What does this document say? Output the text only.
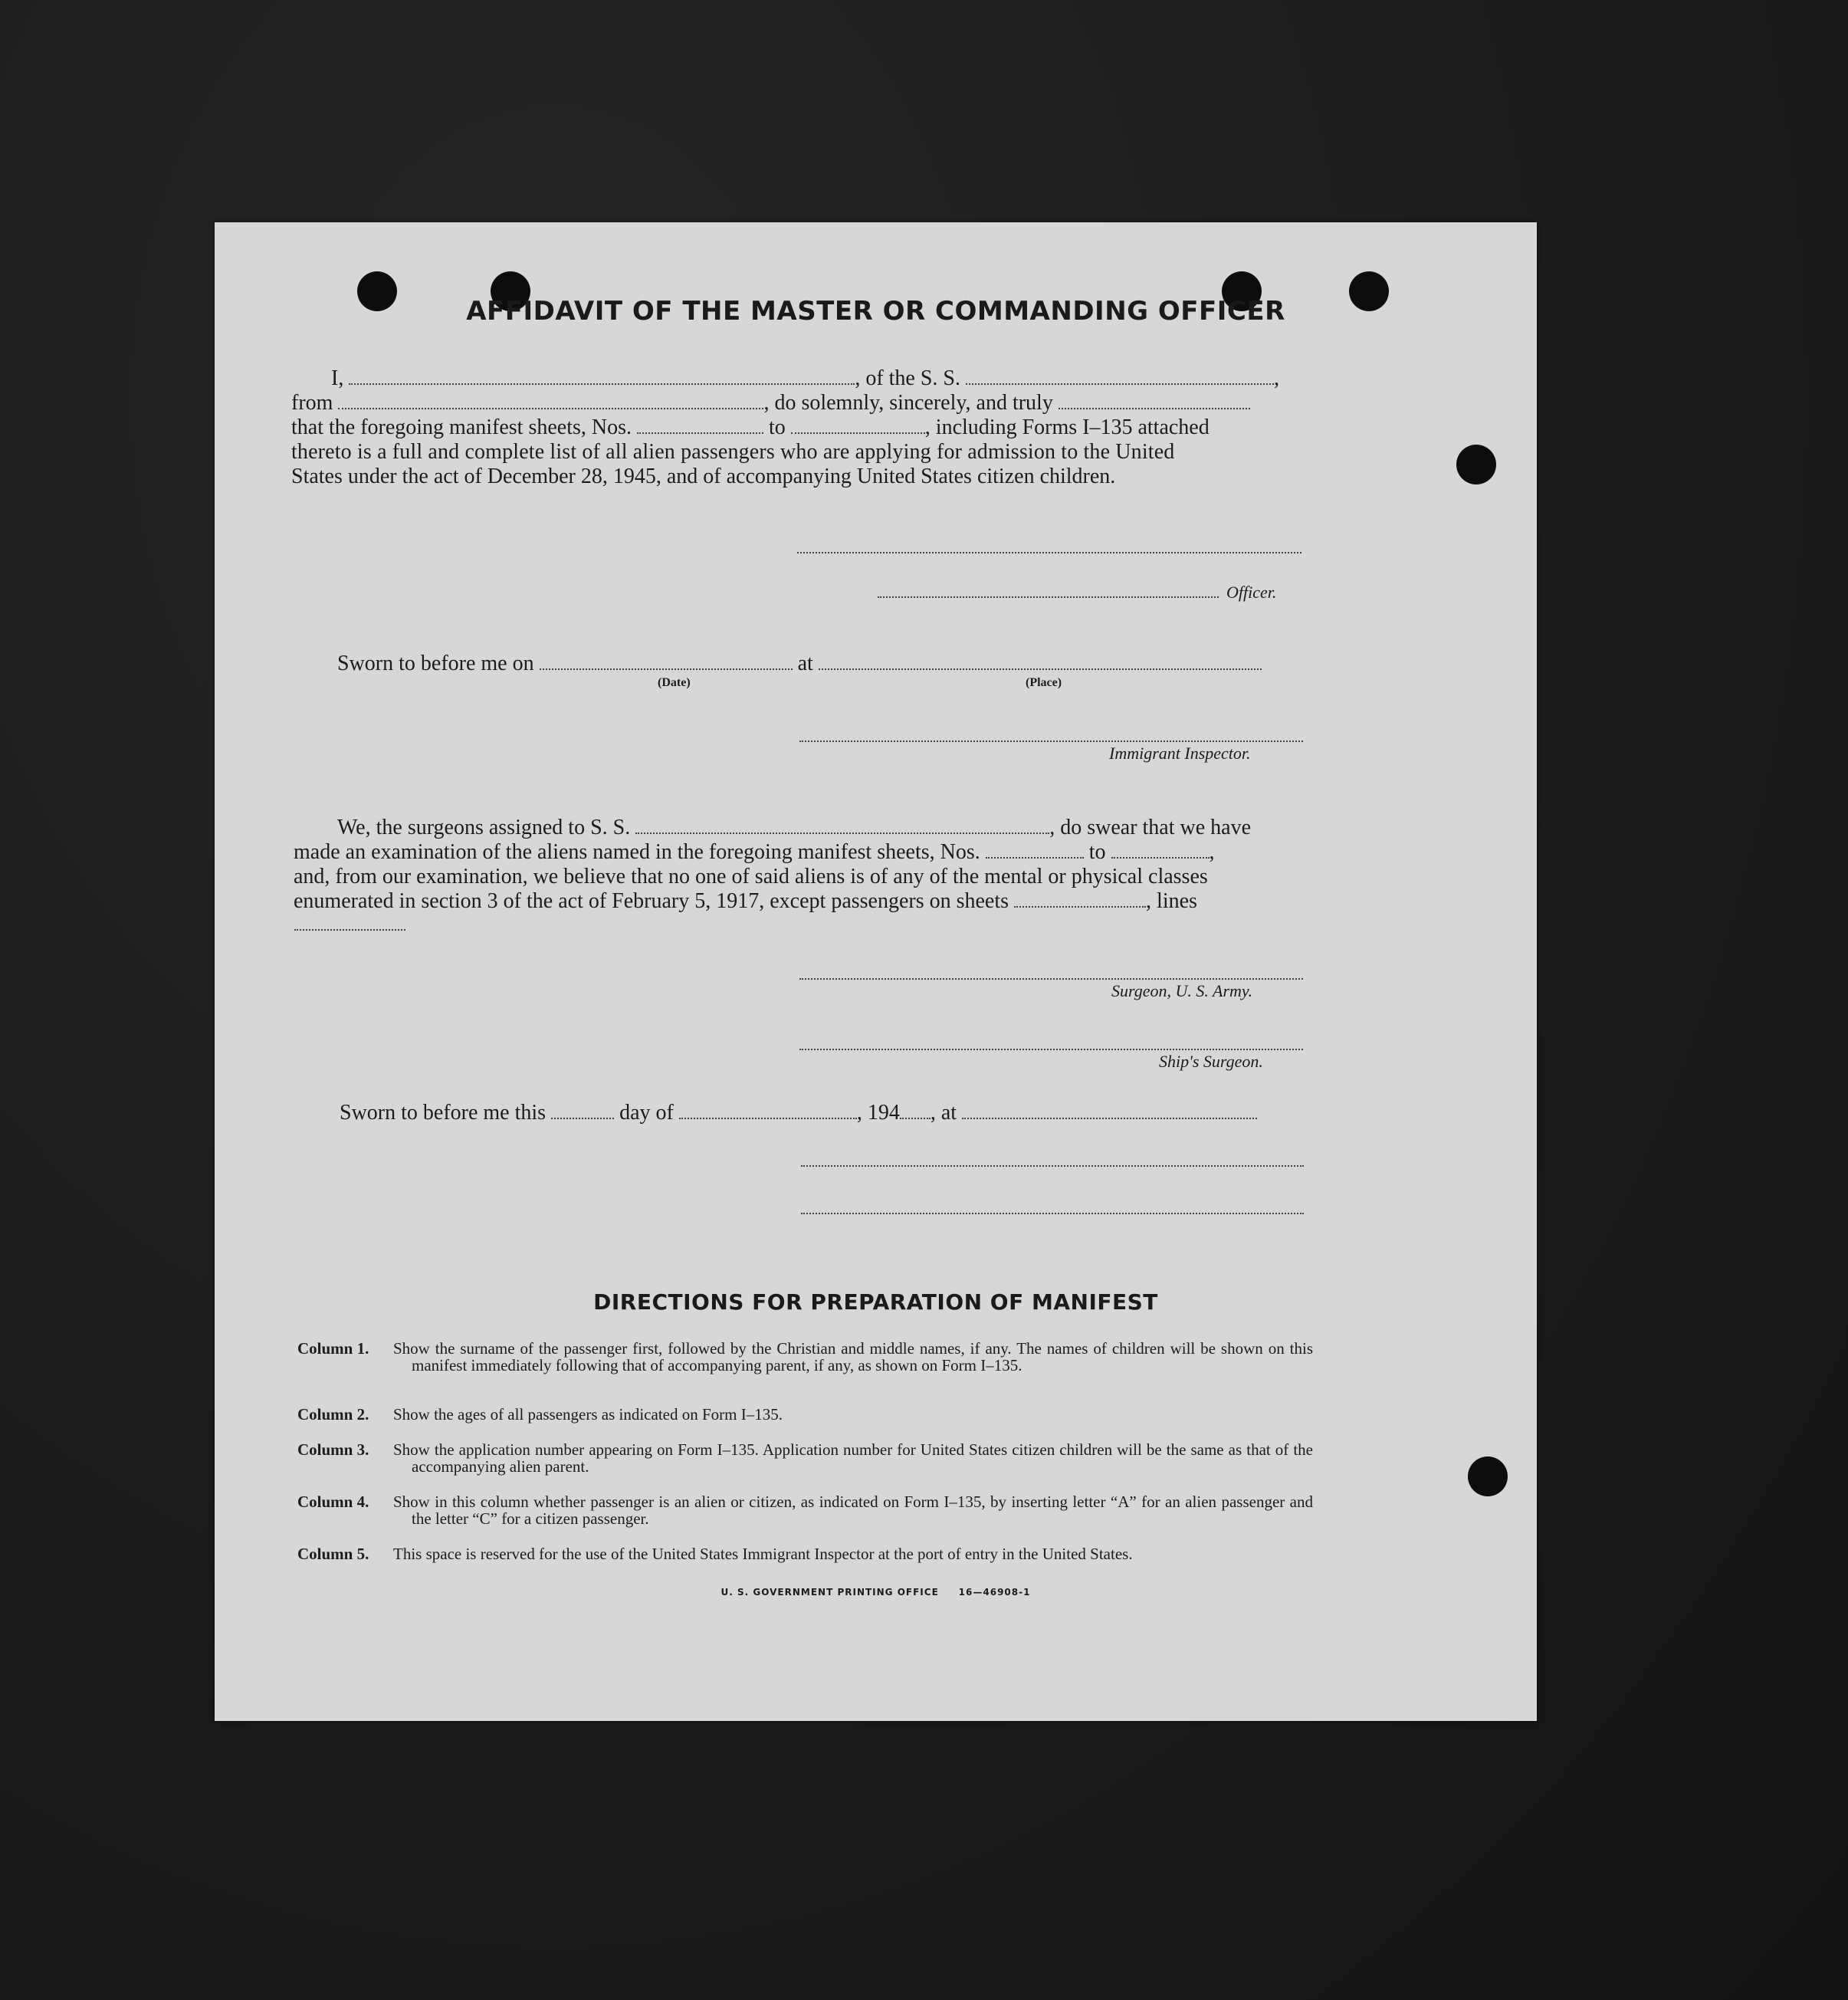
AFFIDAVIT OF THE MASTER OR COMMANDING OFFICER
I,	, of the S. S.	,
from	, do solemnly, sincerely, and truly
that the foregoing manifest sheets, Nos.	to	, including Forms I–135 attached
thereto is a full and complete list of all alien passengers who are applying for admission to the United
States under the act of December 28, 1945, and of accompanying United States citizen children.
Officer.
Sworn to before me on	at
(Date)	(Place)
Immigrant Inspector.
We, the surgeons assigned to S. S.	, do swear that we have
made an examination of the aliens named in the foregoing manifest sheets, Nos.	to	,
and, from our examination, we believe that no one of said aliens is of any of the mental or physical classes
enumerated in section 3 of the act of February 5, 1917, except passengers on sheets	, lines
Surgeon, U. S. Army.
Ship's Surgeon.
Sworn to before me this	day of	, 194 , at
DIRECTIONS FOR PREPARATION OF MANIFEST
Column 1.	Show the surname of the passenger first, followed by the Christian and middle names, if any. The names of children will be shown on this manifest immediately following that of accompanying parent, if any, as shown on Form I–135.
Column 2.	Show the ages of all passengers as indicated on Form I–135.
Column 3.	Show the application number appearing on Form I–135. Application number for United States citizen children will be the same as that of the accompanying alien parent.
Column 4.	Show in this column whether passenger is an alien or citizen, as indicated on Form I–135, by inserting letter “A” for an alien passenger and the letter “C” for a citizen passenger.
Column 5.	This space is reserved for the use of the United States Immigrant Inspector at the port of entry in the United States.
U. S. GOVERNMENT PRINTING OFFICE     16—46908-1
